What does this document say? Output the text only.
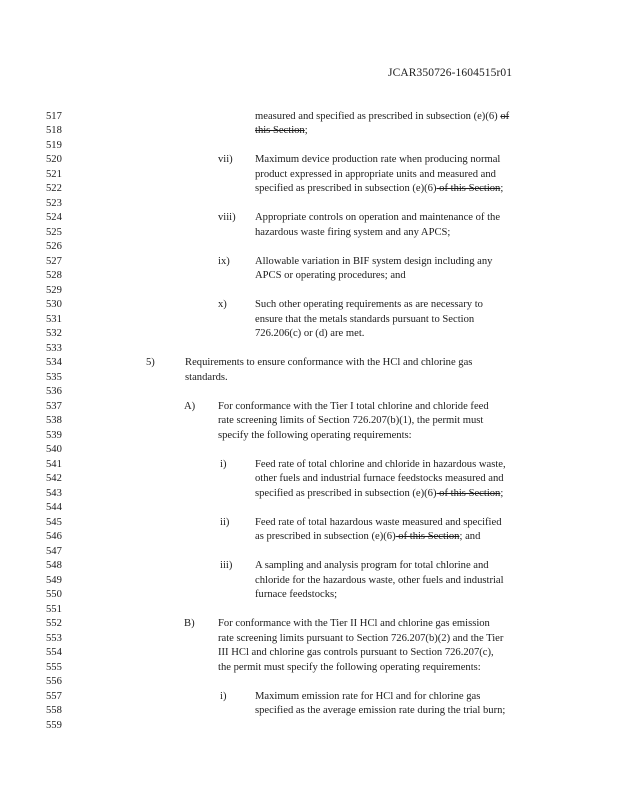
JCAR350726-1604515r01
517	measured and specified as prescribed in subsection (e)(6) of
518	this Section;
519
520	vii) Maximum device production rate when producing normal
521	product expressed in appropriate units and measured and
522	specified as prescribed in subsection (e)(6) of this Section;
523
524	viii) Appropriate controls on operation and maintenance of the
525	hazardous waste firing system and any APCS;
526
527	ix) Allowable variation in BIF system design including any
528	APCS or operating procedures; and
529
530	x)	Such other operating requirements as are necessary to
531	ensure that the metals standards pursuant to Section
532	726.206(c) or (d) are met.
533
534	5)	Requirements to ensure conformance with the HCl and chlorine gas
535	standards.
536
537	A) For conformance with the Tier I total chlorine and chloride feed
538	rate screening limits of Section 726.207(b)(1), the permit must
539	specify the following operating requirements:
540
541	i)	Feed rate of total chlorine and chloride in hazardous waste,
542	other fuels and industrial furnace feedstocks measured and
543	specified as prescribed in subsection (e)(6) of this Section;
544
545	ii) Feed rate of total hazardous waste measured and specified
546	as prescribed in subsection (e)(6) of this Section; and
547
548	iii) A sampling and analysis program for total chlorine and
549	chloride for the hazardous waste, other fuels and industrial
550	furnace feedstocks;
551
552	B) For conformance with the Tier II HCl and chlorine gas emission
553	rate screening limits pursuant to Section 726.207(b)(2) and the Tier
554	III HCl and chlorine gas controls pursuant to Section 726.207(c),
555	the permit must specify the following operating requirements:
556
557	i)	Maximum emission rate for HCl and for chlorine gas
558	specified as the average emission rate during the trial burn;
559
